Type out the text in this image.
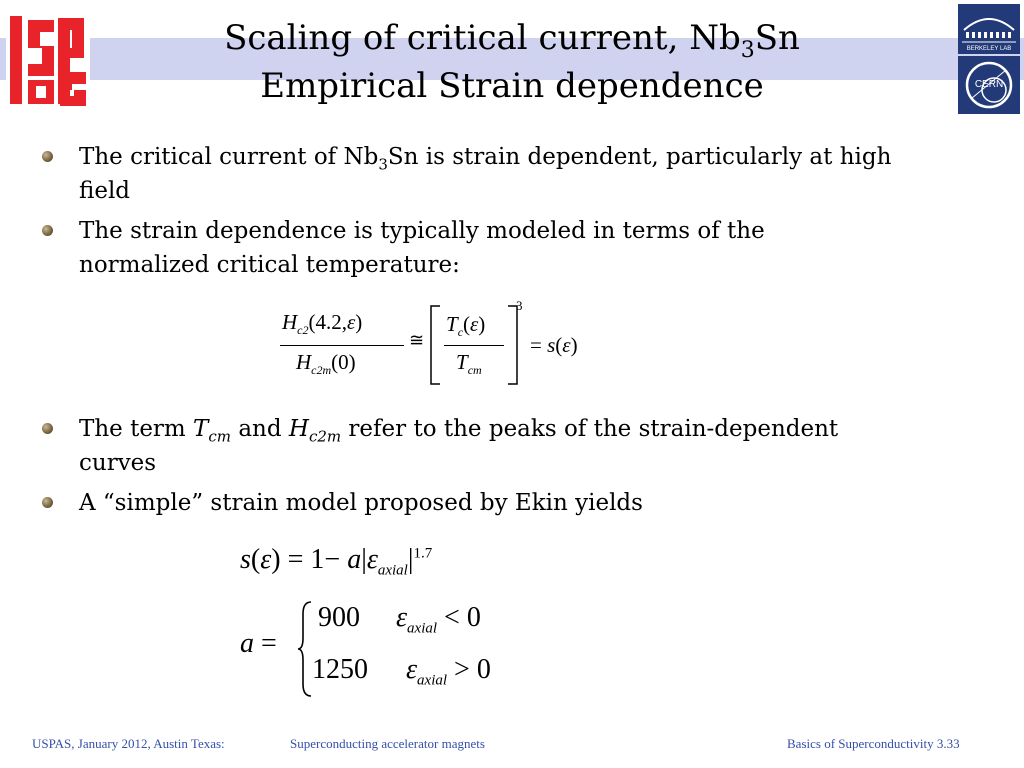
BERKELEY LAB
CERN
Scaling of critical current, $Nb_3Sn$
Empirical Strain dependence
The critical current of $Nb_3Sn$ is strain dependent, particularly at high
field
The strain dependence is typically modeled in terms of the
normalized critical temperature:
$H_{c2}(4.2,\varepsilon)$
$H_{c2m}(0)$
≅
$T_c(\varepsilon)$
$T_{cm}$
3
= s(ε)
The term $T_{cm}$ and $H_{c2m}$ refer to the peaks of the strain-dependent
curves
A “simple” strain model proposed by Ekin yields
$s(\varepsilon) = 1- a|\varepsilon_{axial}|^{1.7}$
a =
900 $\varepsilon_{axial} < 0$
1250 $\varepsilon_{axial} > 0$
USPAS, January 2012, Austin Texas:	Superconducting accelerator magnets	Basics of Superconductivity 3.33
